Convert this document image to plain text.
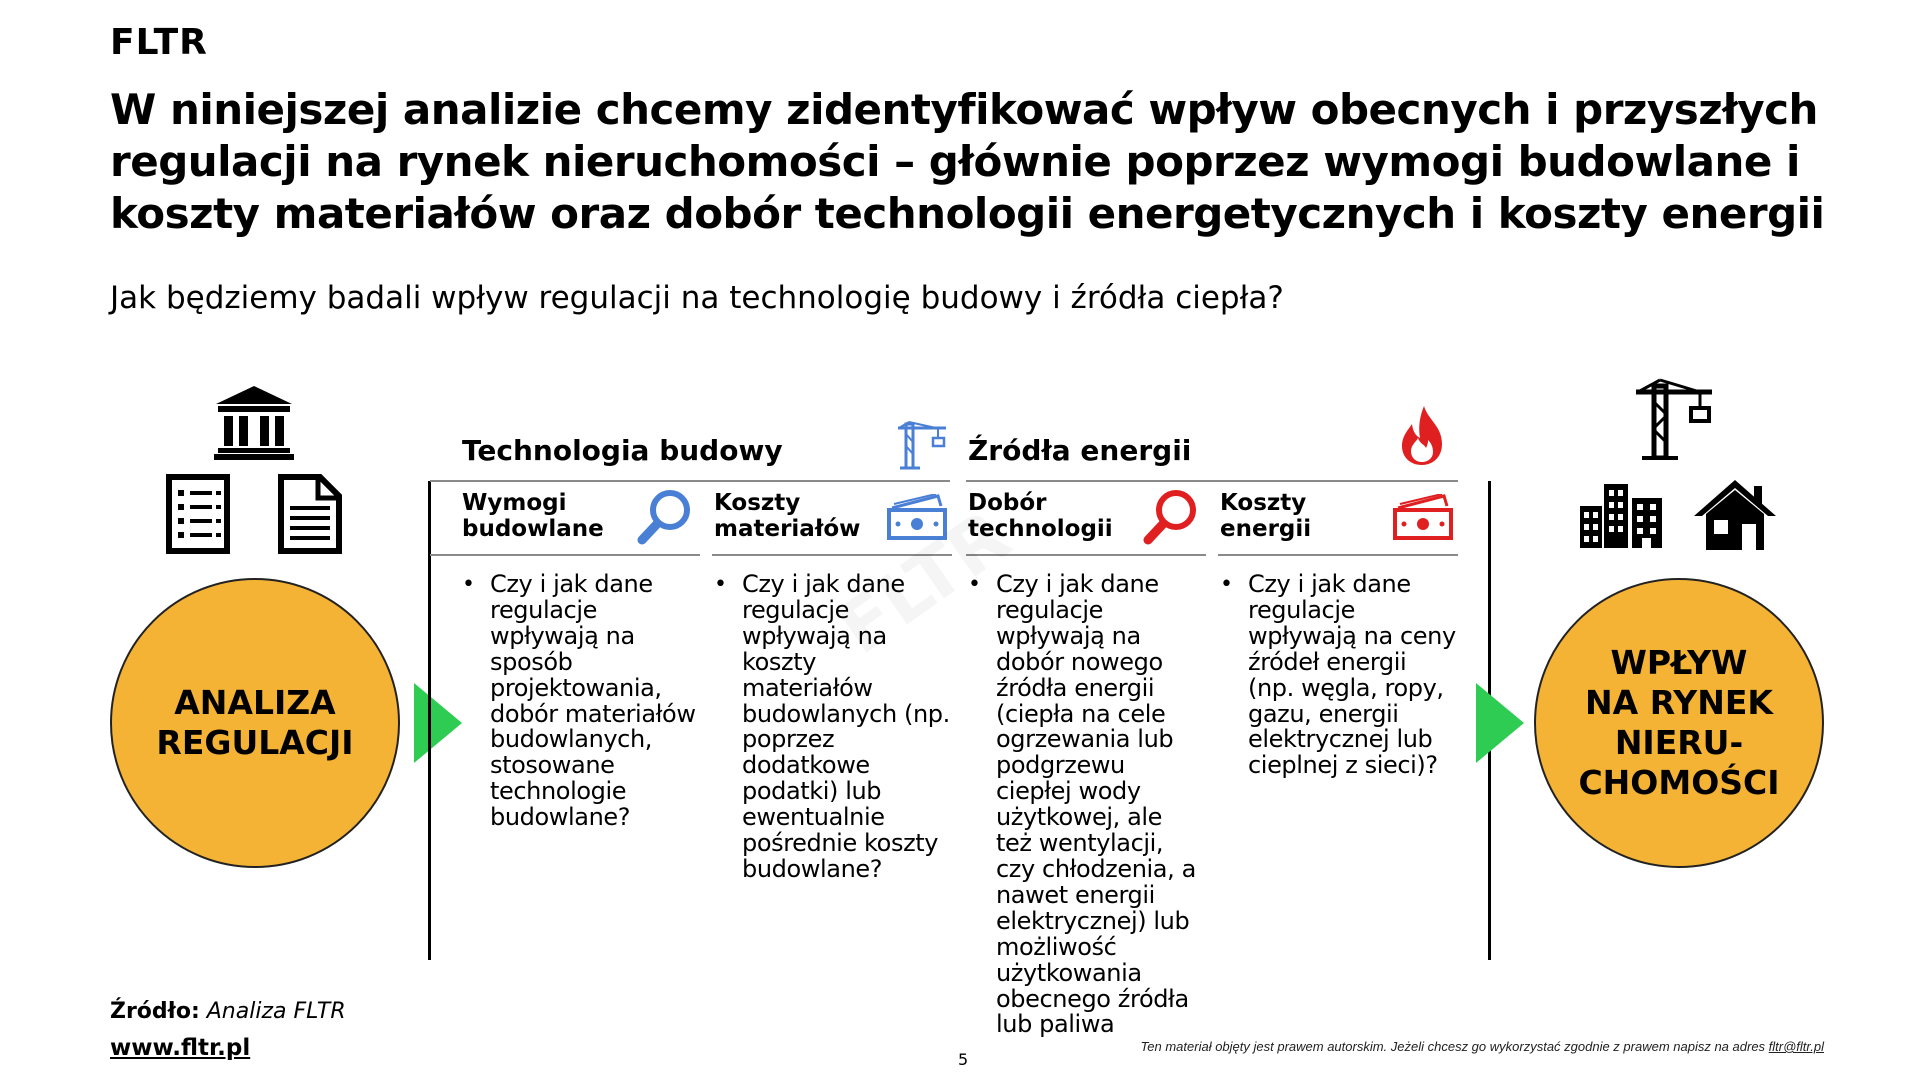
FLTR
W niniejszej analizie chcemy zidentyfikować wpływ obecnych i przyszłych regulacji na rynek nieruchomości – głównie poprzez wymogi budowlane i koszty materiałów oraz dobór technologii energetycznych i koszty energii
Jak będziemy badali wpływ regulacji na technologię budowy i źródła ciepła?
ANALIZA
REGULACJI
Technologia budowy	Źródła energii
Wymogi
budowlane
Koszty
materiałów
Dobór
technologii
Koszty
energii
• Czy i jak dane regulacje wpływają na sposób projektowania, dobór materiałów budowlanych, stosowane technologie budowlane?
• Czy i jak dane regulacje wpływają na koszty materiałów budowlanych (np. poprzez dodatkowe podatki) lub ewentualnie pośrednie koszty budowlane?
• Czy i jak dane regulacje wpływają na dobór nowego źródła energii (ciepła na cele ogrzewania lub podgrzewu ciepłej wody użytkowej, ale też wentylacji, czy chłodzenia, a nawet energii elektrycznej) lub możliwość użytkowania obecnego źródła lub paliwa
• Czy i jak dane regulacje wpływają na ceny źródeł energii (np. węgla, ropy, gazu, energii elektrycznej lub cieplnej z sieci)?
WPŁYW
NA RYNEK
NIERU-
CHOMOŚCI
Źródło: Analiza FLTR
www.fltr.pl	5
Ten materiał objęty jest prawem autorskim. Jeżeli chcesz go wykorzystać zgodnie z prawem napisz na adres fltr@fltr.pl
